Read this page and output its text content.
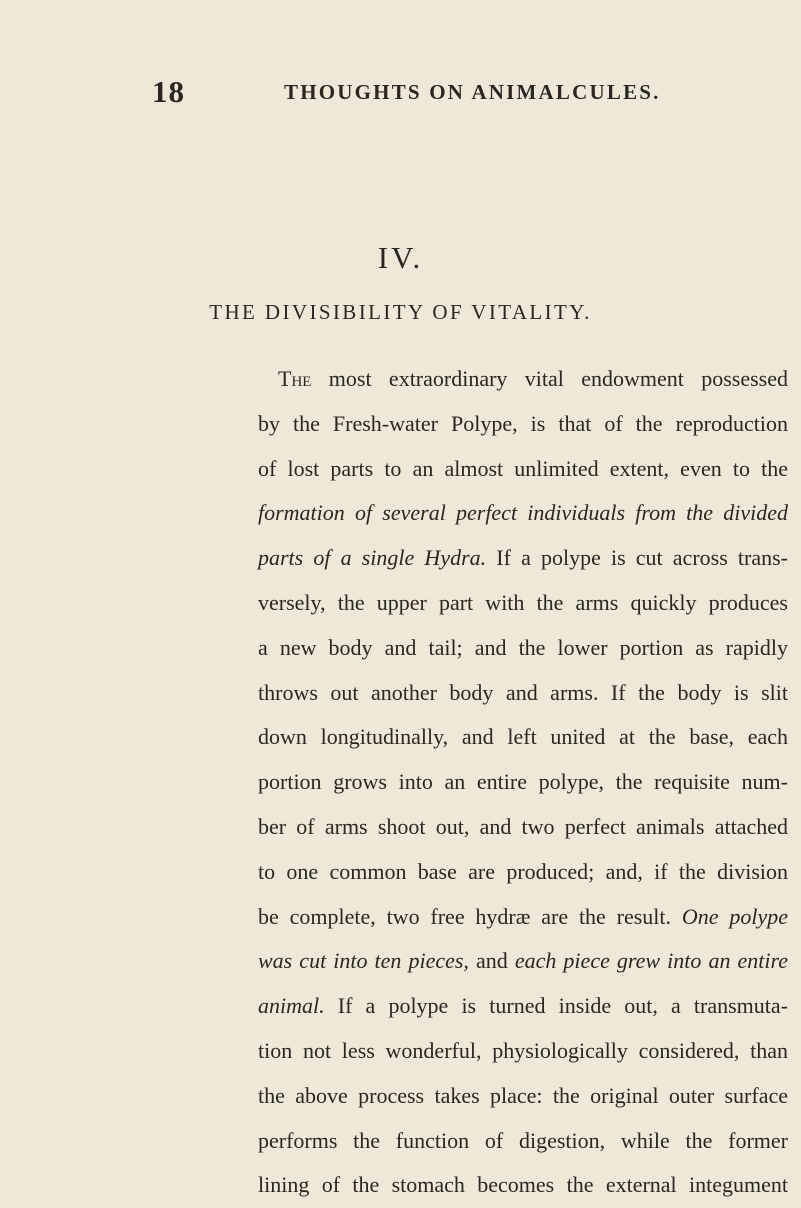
18	THOUGHTS ON ANIMALCULES.
IV.
THE DIVISIBILITY OF VITALITY.
The most extraordinary vital endowment possessed
by the Fresh-water Polype, is that of the reproduction
of lost parts to an almost unlimited extent, even to the
formation of several perfect individuals from the divided
parts of a single Hydra. If a polype is cut across trans-
versely, the upper part with the arms quickly produces
a new body and tail; and the lower portion as rapidly
throws out another body and arms. If the body is slit
down longitudinally, and left united at the base, each
portion grows into an entire polype, the requisite num-
ber of arms shoot out, and two perfect animals attached
to one common base are produced; and, if the division
be complete, two free hydræ are the result. One polype
was cut into ten pieces, and each piece grew into an entire
animal. If a polype is turned inside out, a transmuta-
tion not less wonderful, physiologically considered, than
the above process takes place: the original outer surface
performs the function of digestion, while the former
lining of the stomach becomes the external integument
